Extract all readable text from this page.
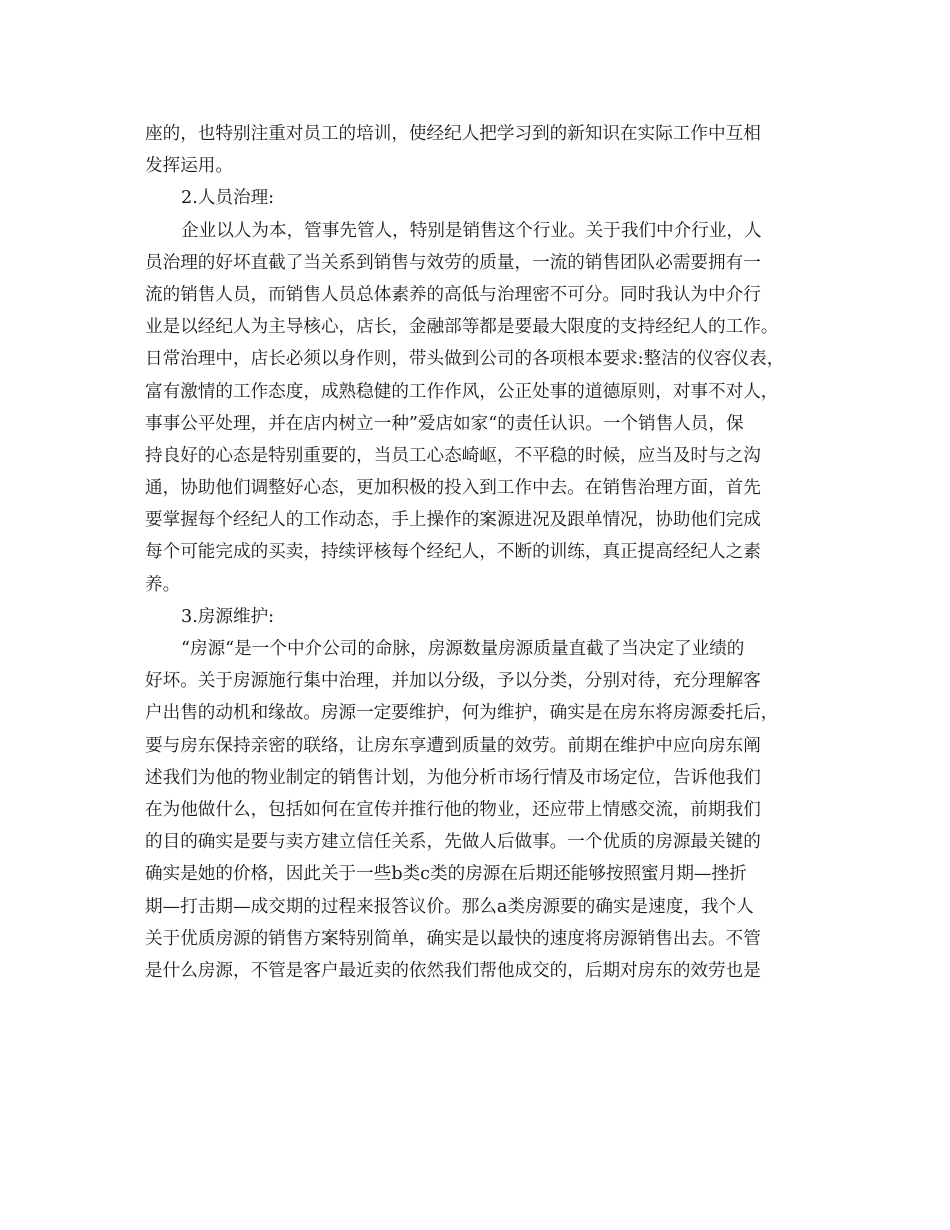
座的，也特别注重对员工的培训，使经纪人把学习到的新知识在实际工作中互相
发挥运用。
2.人员治理:
企业以人为本，管事先管人，特别是销售这个行业。关于我们中介行业，人
员治理的好坏直截了当关系到销售与效劳的质量，一流的销售团队必需要拥有一
流的销售人员，而销售人员总体素养的高低与治理密不可分。同时我认为中介行
业是以经纪人为主导核心，店长，金融部等都是要最大限度的支持经纪人的工作。
日常治理中，店长必须以身作则，带头做到公司的各项根本要求:整洁的仪容仪表，
富有激情的工作态度，成熟稳健的工作作风，公正处事的道德原则，对事不对人，
事事公平处理，并在店内树立一种”爱店如家“的责任认识。一个销售人员，保
持良好的心态是特别重要的，当员工心态崎岖，不平稳的时候，应当及时与之沟
通，协助他们调整好心态，更加积极的投入到工作中去。在销售治理方面，首先
要掌握每个经纪人的工作动态，手上操作的案源进况及跟单情况，协助他们完成
每个可能完成的买卖，持续评核每个经纪人，不断的训练，真正提高经纪人之素
养。
3.房源维护:
“房源“是一个中介公司的命脉，房源数量房源质量直截了当决定了业绩的
好坏。关于房源施行集中治理，并加以分级，予以分类，分别对待，充分理解客
户出售的动机和缘故。房源一定要维护，何为维护，确实是在房东将房源委托后，
要与房东保持亲密的联络，让房东享遭到质量的效劳。前期在维护中应向房东阐
述我们为他的物业制定的销售计划，为他分析市场行情及市场定位，告诉他我们
在为他做什么，包括如何在宣传并推行他的物业，还应带上情感交流，前期我们
的目的确实是要与卖方建立信任关系，先做人后做事。一个优质的房源最关键的
确实是她的价格，因此关于一些b类c类的房源在后期还能够按照蜜月期—挫折
期—打击期—成交期的过程来报答议价。那么a类房源要的确实是速度，我个人
关于优质房源的销售方案特别简单，确实是以最快的速度将房源销售出去。不管
是什么房源，不管是客户最近卖的依然我们帮他成交的，后期对房东的效劳也是
